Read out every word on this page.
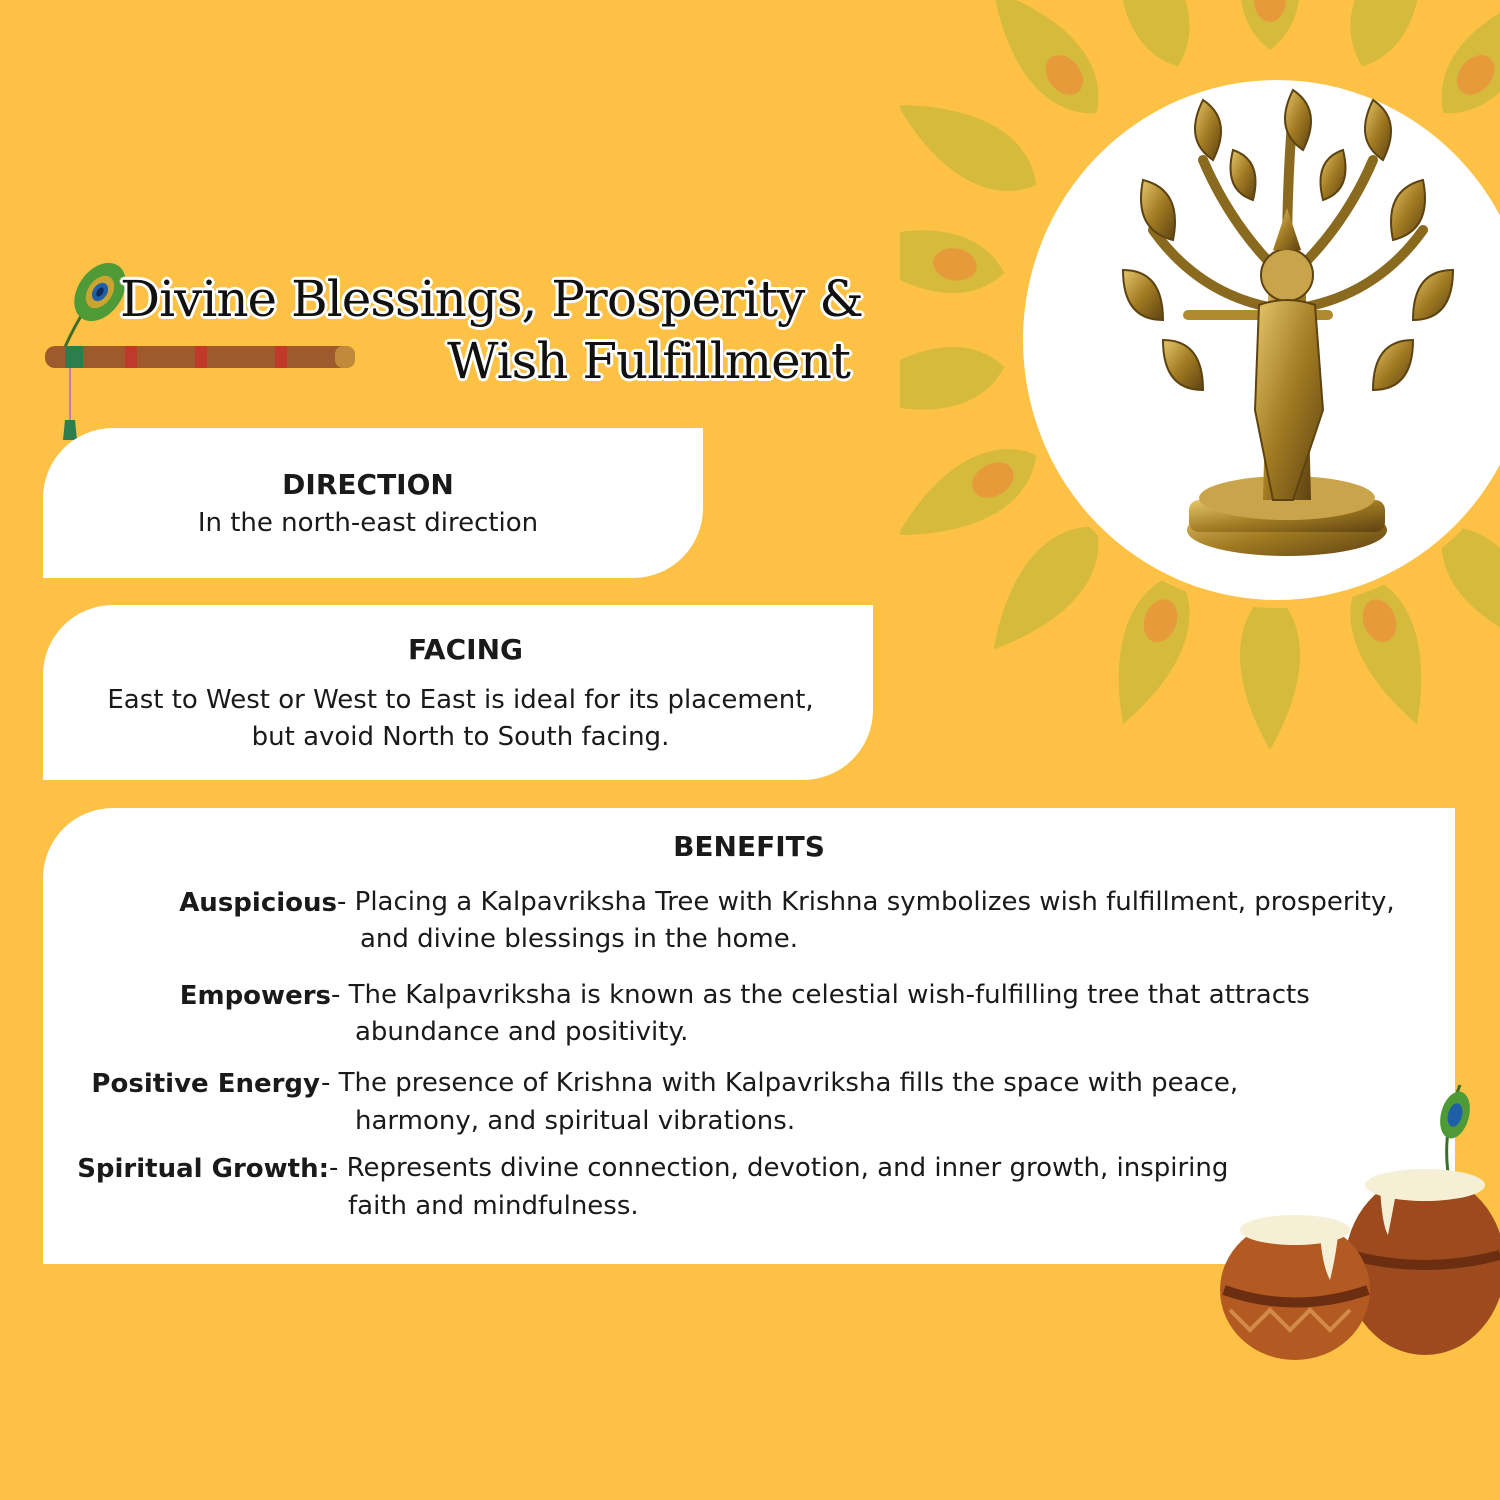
Divine Blessings, Prosperity &
Wish Fulfillment
DIRECTION
In the north-east direction
FACING
East to West or West to East is ideal for its placement,
but avoid North to South facing.
BENEFITS
Auspicious - Placing a Kalpavriksha Tree with Krishna symbolizes wish fulfillment, prosperity,
and divine blessings in the home.
Empowers - The Kalpavriksha is known as the celestial wish-fulfilling tree that attracts
abundance and positivity.
Positive Energy - The presence of Krishna with Kalpavriksha fills the space with peace,
harmony, and spiritual vibrations.
Spiritual Growth: - Represents divine connection, devotion, and inner growth, inspiring
faith and mindfulness.
